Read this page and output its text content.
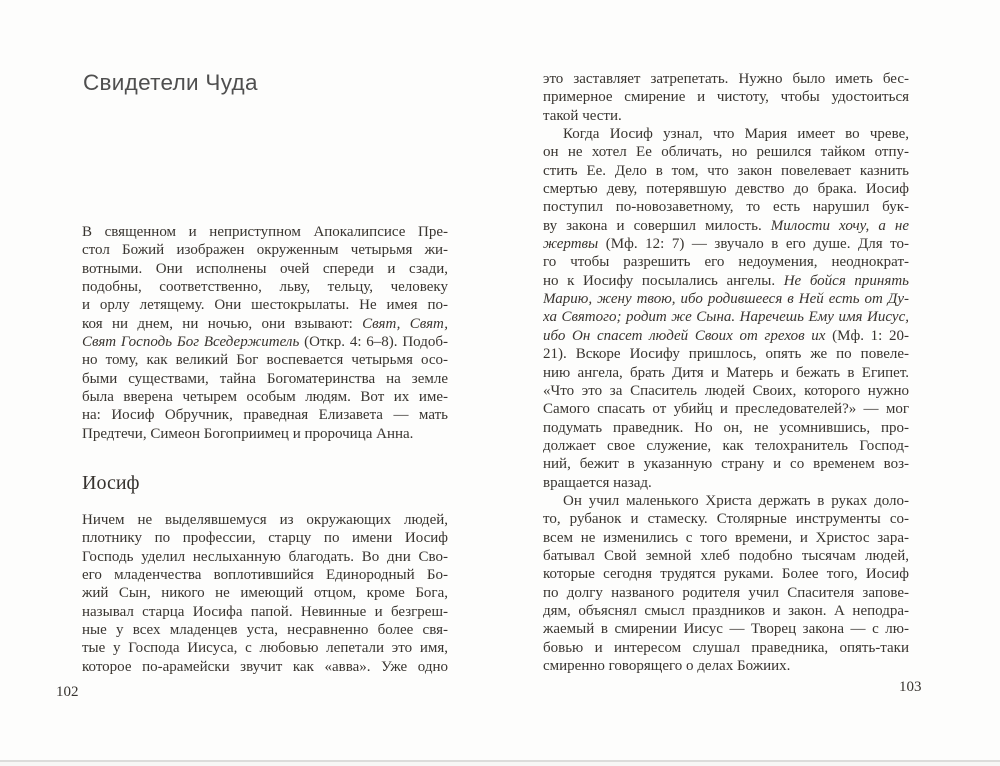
Свидетели Чуда
В священном и неприступном Апокалипсисе Пре-
стол Божий изображен окруженным четырьмя жи-
вотными. Они исполнены очей спереди и сзади,
подобны, соответственно, льву, тельцу, человеку
и орлу летящему. Они шестокрылаты. Не имея по-
коя ни днем, ни ночью, они взывают: Свят, Свят,
Свят Господь Бог Вседержитель (Откр. 4: 6–8). Подоб-
но тому, как великий Бог воспевается четырьмя осо-
быми существами, тайна Богоматеринства на земле
была вверена четырем особым людям. Вот их име-
на: Иосиф Обручник, праведная Елизавета — мать
Предтечи, Симеон Богоприимец и пророчица Анна.
Иосиф
Ничем не выделявшемуся из окружающих людей,
плотнику по профессии, старцу по имени Иосиф
Господь уделил неслыханную благодать. Во дни Сво-
его младенчества воплотившийся Единородный Бо-
жий Сын, никого не имеющий отцом, кроме Бога,
называл старца Иосифа папой. Невинные и безгреш-
ные у всех младенцев уста, несравненно более свя-
тые у Господа Иисуса, с любовью лепетали это имя,
которое по-арамейски звучит как «авва». Уже одно
102
это заставляет затрепетать. Нужно было иметь бес-
примерное смирение и чистоту, чтобы удостоиться
такой чести.
Когда Иосиф узнал, что Мария имеет во чреве,
он не хотел Ее обличать, но решился тайком отпу-
стить Ее. Дело в том, что закон повелевает казнить
смертью деву, потерявшую девство до брака. Иосиф
поступил по-новозаветному, то есть нарушил бук-
ву закона и совершил милость. Милости хочу, а не
жертвы (Мф. 12: 7) — звучало в его душе. Для то-
го чтобы разрешить его недоумения, неоднократ-
но к Иосифу посылались ангелы. Не бойся принять
Марию, жену твою, ибо родившееся в Ней есть от Ду-
ха Святого; родит же Сына. Наречешь Ему имя Иисус,
ибо Он спасет людей Своих от грехов их (Мф. 1: 20-
21). Вскоре Иосифу пришлось, опять же по повеле-
нию ангела, брать Дитя и Матерь и бежать в Египет.
«Что это за Спаситель людей Своих, которого нужно
Самого спасать от убийц и преследователей?» — мог
подумать праведник. Но он, не усомнившись, про-
должает свое служение, как телохранитель Господ-
ний, бежит в указанную страну и со временем воз-
вращается назад.
Он учил маленького Христа держать в руках доло-
то, рубанок и стамеску. Столярные инструменты со-
всем не изменились с того времени, и Христос зара-
батывал Свой земной хлеб подобно тысячам людей,
которые сегодня трудятся руками. Более того, Иосиф
по долгу названого родителя учил Спасителя запове-
дям, объяснял смысл праздников и закон. А неподра-
жаемый в смирении Иисус — Творец закона — с лю-
бовью и интересом слушал праведника, опять-таки
смиренно говорящего о делах Божиих.
103
